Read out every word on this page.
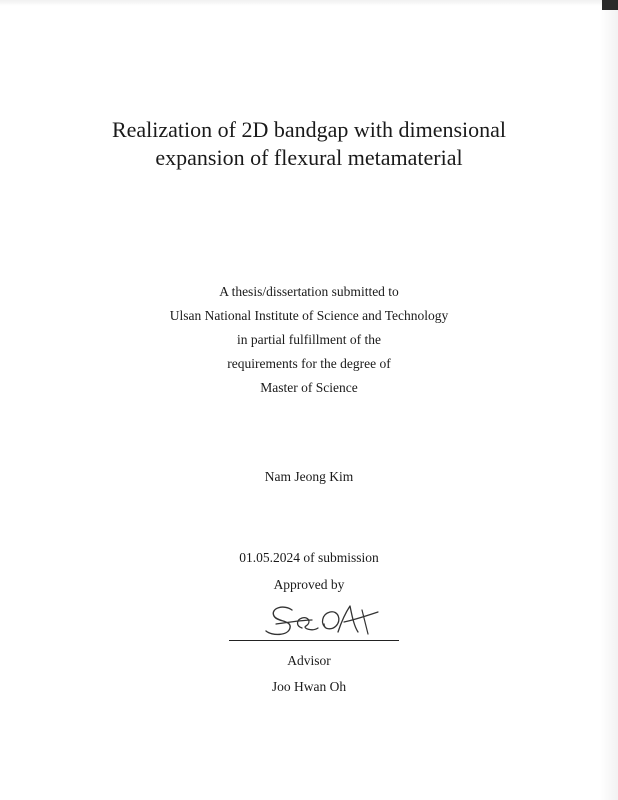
Realization of 2D bandgap with dimensional
expansion of flexural metamaterial
A thesis/dissertation submitted to
Ulsan National Institute of Science and Technology
in partial fulfillment of the
requirements for the degree of
Master of Science
Nam Jeong Kim
01.05.2024 of submission
Approved by
Advisor
Joo Hwan Oh
